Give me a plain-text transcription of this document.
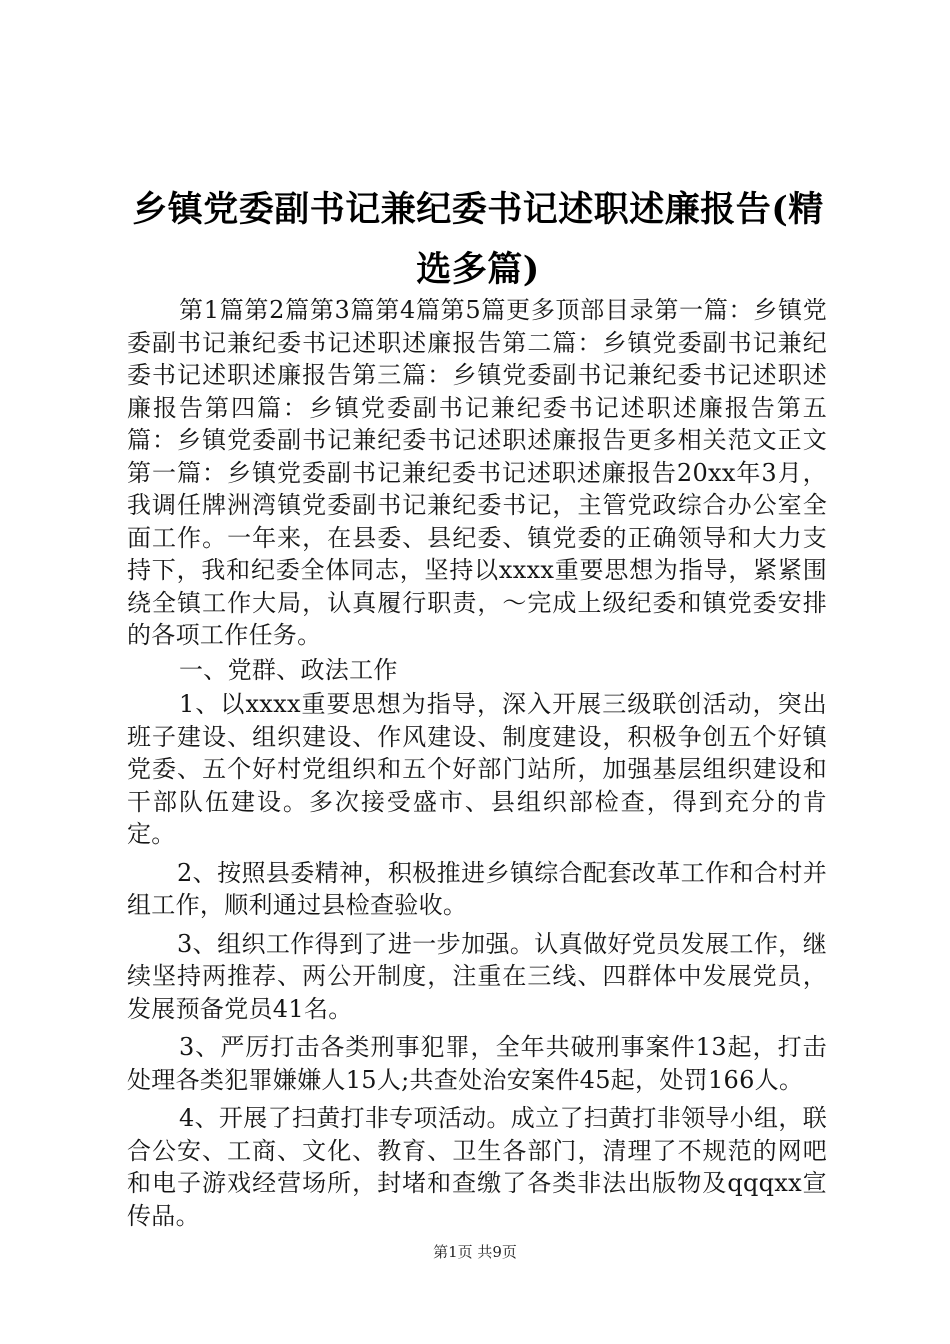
乡镇党委副书记兼纪委书记述职述廉报告(精选多篇)

第1篇第2篇第3篇第4篇第5篇更多顶部目录第一篇：乡镇党委副书记兼纪委书记述职述廉报告第二篇：乡镇党委副书记兼纪委书记述职述廉报告第三篇：乡镇党委副书记兼纪委书记述职述廉报告第四篇：乡镇党委副书记兼纪委书记述职述廉报告第五篇：乡镇党委副书记兼纪委书记述职述廉报告更多相关范文正文第一篇：乡镇党委副书记兼纪委书记述职述廉报告20xx年3月，我调任牌洲湾镇党委副书记兼纪委书记，主管党政综合办公室全面工作。一年来，在县委、县纪委、镇党委的正确领导和大力支持下，我和纪委全体同志，坚持以xxxx重要思想为指导，紧紧围绕全镇工作大局，认真履行职责，～完成上级纪委和镇党委安排的各项工作任务。

一、党群、政法工作

1、以xxxx重要思想为指导，深入开展三级联创活动，突出班子建设、组织建设、作风建设、制度建设，积极争创五个好镇党委、五个好村党组织和五个好部门站所，加强基层组织建设和干部队伍建设。多次接受盛市、县组织部检查，得到充分的肯定。

2、按照县委精神，积极推进乡镇综合配套改革工作和合村并组工作，顺利通过县检查验收。

3、组织工作得到了进一步加强。认真做好党员发展工作，继续坚持两推荐、两公开制度，注重在三线、四群体中发展党员，发展预备党员41名。

3、严厉打击各类刑事犯罪，全年共破刑事案件13起，打击处理各类犯罪嫌嫌人15人;共查处治安案件45起，处罚166人。

4、开展了扫黄打非专项活动。成立了扫黄打非领导小组，联合公安、工商、文化、教育、卫生各部门，清理了不规范的网吧和电子游戏经营场所，封堵和查缴了各类非法出版物及qqqxx宣传品。

第1页 共9页
